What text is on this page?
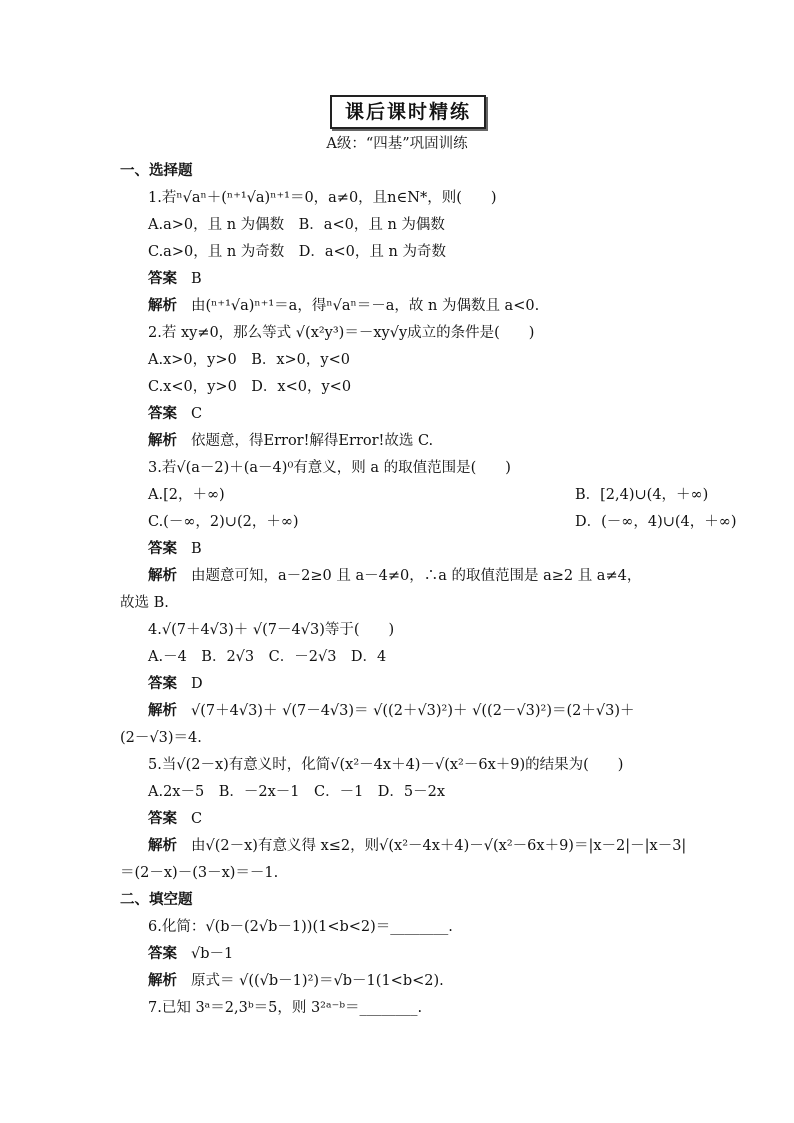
课后课时精练
A级：“四基”巩固训练
一、选择题
1.若ⁿ√aⁿ＋(ⁿ⁺¹√a)ⁿ⁺¹＝0，a≠0，且n∈N*，则(　　)
A.a>0，且 n 为偶数　B．a<0，且 n 为偶数
C.a>0，且 n 为奇数　D．a<0，且 n 为奇数
答案 B
解析 由(ⁿ⁺¹√a)ⁿ⁺¹＝a，得ⁿ√aⁿ＝－a，故 n 为偶数且 a<0.
2.若 xy≠0，那么等式 √(x²y³)＝－xy√y成立的条件是(　　)
A.x>0，y>0　B．x>0，y<0
C.x<0，y>0　D．x<0，y<0
答案 C
解析 依题意，得Error!解得Error!故选 C.
3.若√(a－2)＋(a－4)⁰有意义，则 a 的取值范围是(　　)
A.[2，＋∞)	B．[2,4)∪(4，＋∞)
C.(－∞，2)∪(2，＋∞)	D．(－∞，4)∪(4，＋∞)
答案 B
解析 由题意可知，a－2≥0 且 a－4≠0，∴a 的取值范围是 a≥2 且 a≠4，
故选 B.
4.√(7＋4√3)＋ √(7－4√3)等于(　　)
A.－4　B．2√3　C．－2√3　D．4
答案 D
解析 √(7＋4√3)＋ √(7－4√3)＝ √((2＋√3)²)＋ √((2－√3)²)＝(2＋√3)＋
(2－√3)＝4.
5.当√(2－x)有意义时，化简√(x²－4x＋4)－√(x²－6x＋9)的结果为(　　)
A.2x－5　B．－2x－1　C．－1　D．5－2x
答案 C
解析 由√(2－x)有意义得 x≤2，则√(x²－4x＋4)－√(x²－6x＋9)＝|x－2|－|x－3|
＝(2－x)－(3－x)＝－1.
二、填空题
6.化简：√(b－(2√b－1))(1<b<2)＝________.
答案 √b－1
解析 原式＝ √((√b－1)²)＝√b－1(1<b<2).
7.已知 3ᵃ＝2,3ᵇ＝5，则 3²ᵃ⁻ᵇ＝________.
